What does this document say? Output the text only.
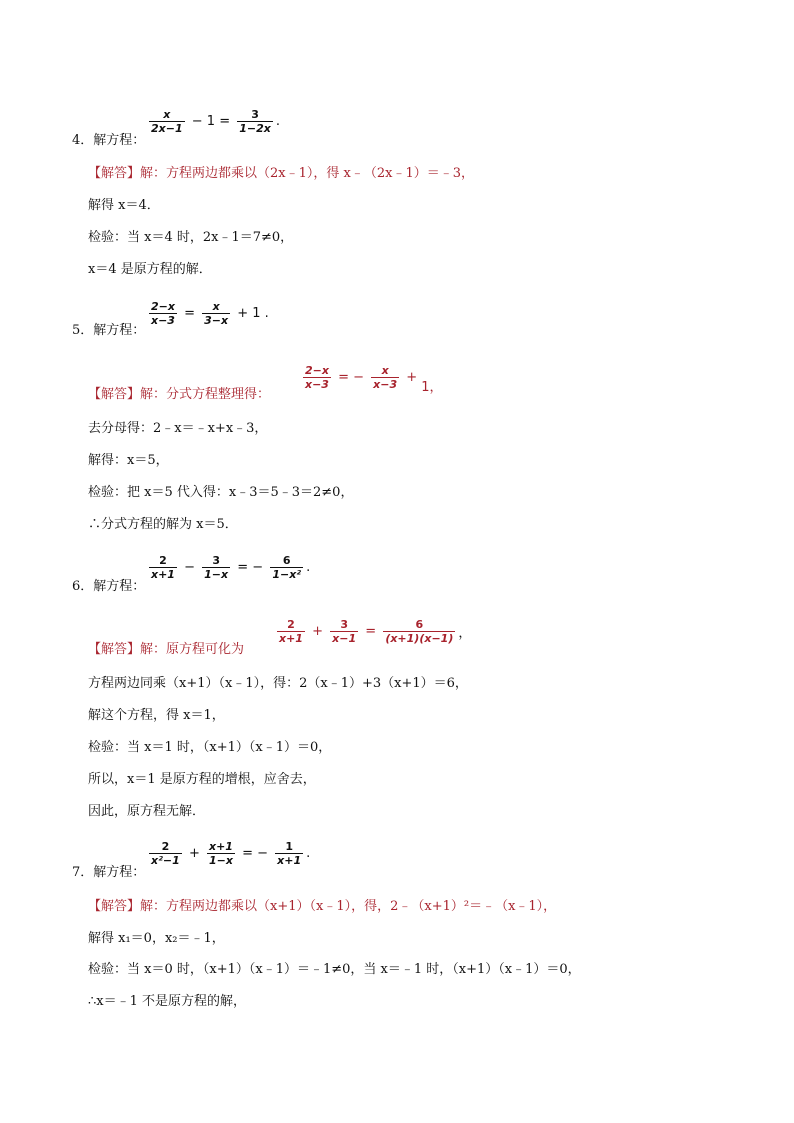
4．解方程：
$\frac{x}{2x-1} - 1 = \frac{3}{1-2x}$ .
【解答】解：方程两边都乘以（2x﹣1），得 x﹣（2x﹣1）＝﹣3，
解得 x＝4．
检验：当 x＝4 时，2x﹣1＝7≠0，
x＝4 是原方程的解．
5．解方程：
$\frac{2-x}{x-3} = \frac{x}{3-x} + 1$ .
【解答】解：分式方程整理得：
$\frac{2-x}{x-3}$ = − $\frac{x}{x-3} +1$，
去分母得：2﹣x＝﹣x+x﹣3，
解得：x＝5，
检验：把 x＝5 代入得：x﹣3＝5﹣3＝2≠0，
∴分式方程的解为 x＝5．
6．解方程：
$\frac{2}{x+1} - \frac{3}{1-x}$ = − $\frac{6}{\text{1−x²}}$ .
【解答】解：原方程可化为
$\frac{2}{x+1} + \frac{3}{x-1} = \frac{6}{(x+1)(x-1)}$ ，
方程两边同乘（x+1）（x﹣1），得：2（x﹣1）+3（x+1）＝6，
解这个方程，得 x＝1，
检验：当 x＝1 时，（x+1）（x﹣1）＝0，
所以，x＝1 是原方程的增根，应舍去，
因此，原方程无解．
7．解方程：
$\frac{2}{\text{x²−1}} + \frac{x+1}{1-x}$ = − $\frac{1}{x+1}$ .
【解答】解：方程两边都乘以（x+1）（x﹣1），得，2﹣（x+1）²＝﹣（x﹣1），
解得 x₁＝0，x₂＝﹣1，
检验：当 x＝0 时，（x+1）（x﹣1）＝﹣1≠0，当 x＝﹣1 时，（x+1）（x﹣1）＝0，
∴x＝﹣1 不是原方程的解，
